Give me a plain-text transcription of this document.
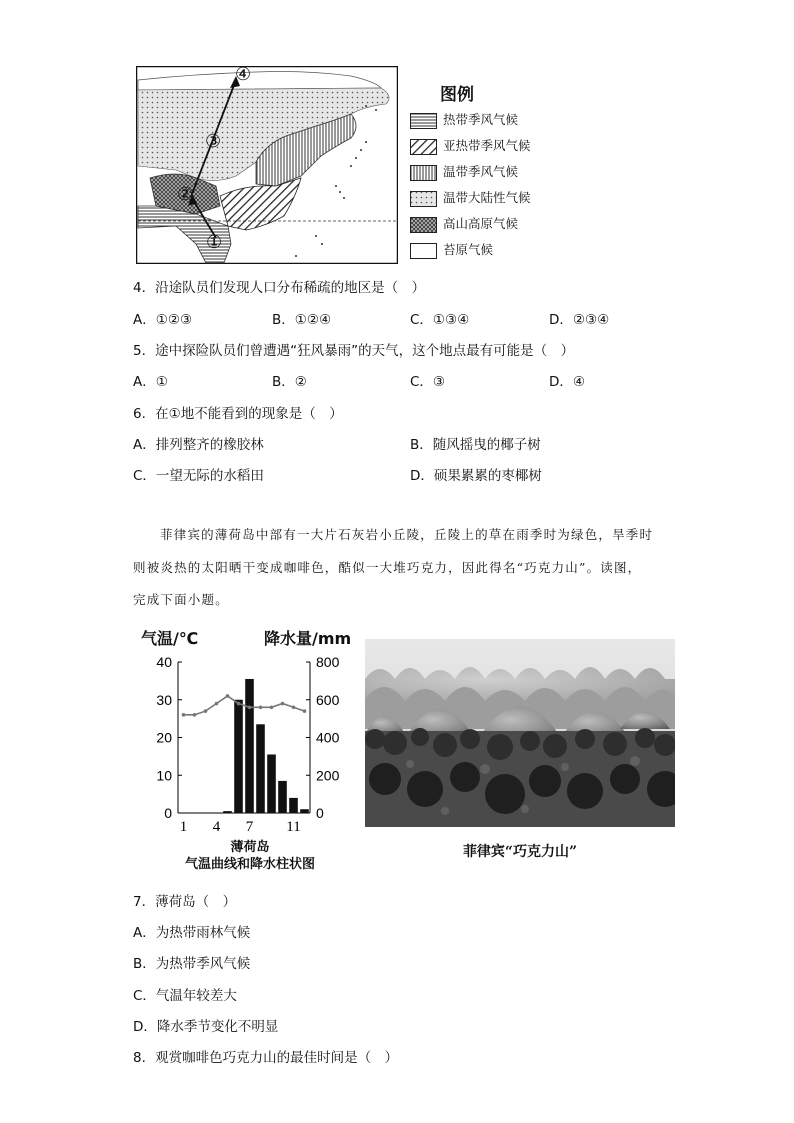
①
②
③
④
图例
热带季风气候
亚热带季风气候
温带季风气候
温带大陆性气候
高山高原气候
苔原气候
4．沿途队员们发现人口分布稀疏的地区是（　）
A．①②③	B．①②④	C．①③④	D．②③④
5．途中探险队员们曾遭遇“狂风暴雨”的天气，这个地点最有可能是（　）
A．①	B．②	C．③	D．④
6．在①地不能看到的现象是（　）
A．排列整齐的橡胶林	B．随风摇曳的椰子树
C．一望无际的水稻田	D．硕果累累的枣椰树
菲律宾的薄荷岛中部有一大片石灰岩小丘陵，丘陵上的草在雨季时为绿色，旱季时
则被炎热的太阳晒干变成咖啡色，酷似一大堆巧克力，因此得名“巧克力山”。读图，
完成下面小题。
气温/℃	降水量/mm
40
30
20
10
0
800
600
400
200
0
1 4 7 11
薄荷岛
气温曲线和降水柱状图
菲律宾“巧克力山”
7．薄荷岛（　）
A．为热带雨林气候
B．为热带季风气候
C．气温年较差大
D．降水季节变化不明显
8．观赏咖啡色巧克力山的最佳时间是（　）
